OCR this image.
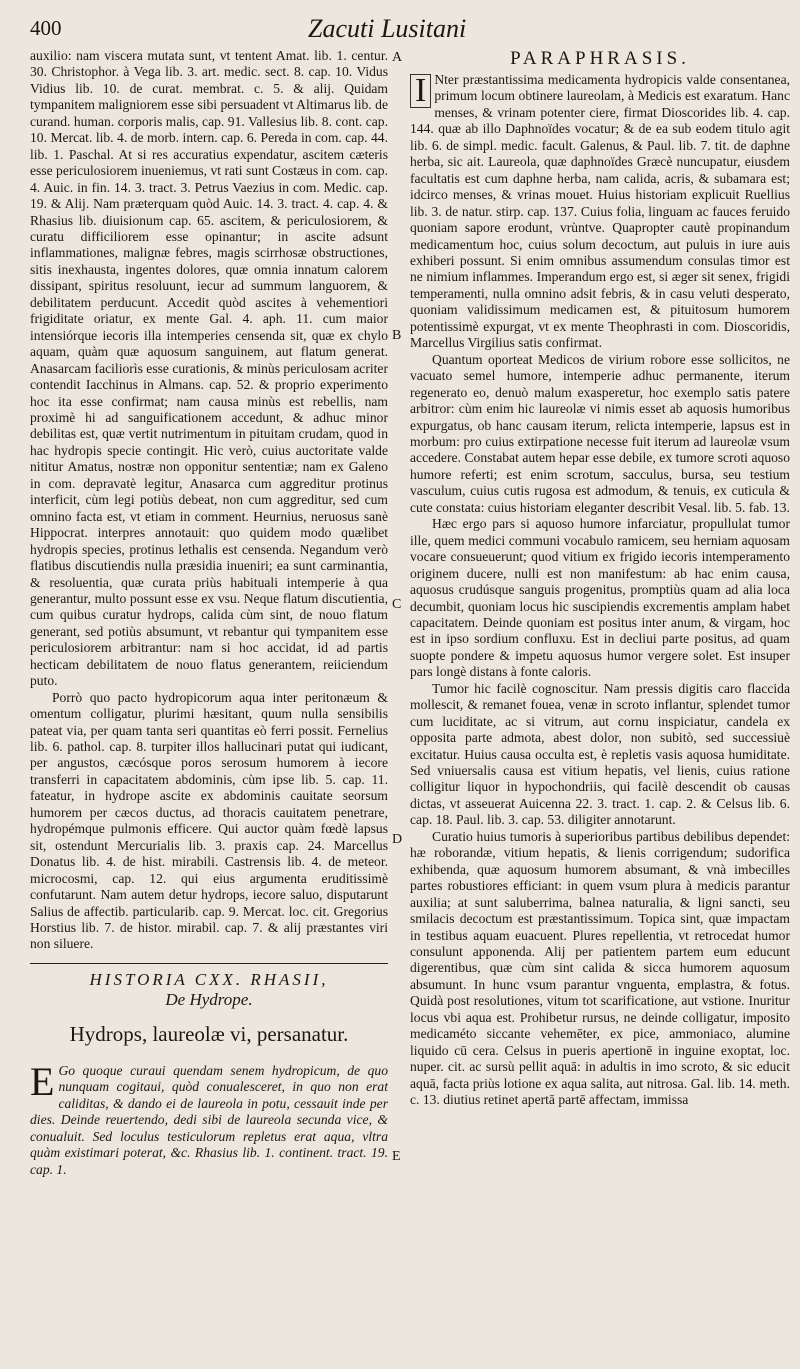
400	Zacuti Lusitani
A
B
C
D
E

auxilio: nam viscera mutata sunt, vt tentent Amat. lib. 1. centur. 30. Christophor. à Vega lib. 3. art. medic. sect. 8. cap. 10. Vidus Vidius lib. 10. de curat. membrat. c. 5. & alij. Quidam tympanitem maligniorem esse sibi persuadent vt Altimarus lib. de curand. human. corporis malis, cap. 91. Vallesius lib. 8. cont. cap. 10. Mercat. lib. 4. de morb. intern. cap. 6. Pereda in com. cap. 44. lib. 1. Paschal. At si res accuratius expendatur, ascitem cæteris esse periculosiorem inueniemus, vt rati sunt Costæus in com. cap. 4. Auic. in fin. 14. 3. tract. 3. Petrus Vaezius in com. Medic. cap. 19. & Alij. Nam præterquam quòd Auic. 14. 3. tract. 4. cap. 4. & Rhasius lib. diuisionum cap. 65. ascitem, & periculosiorem, & curatu difficiliorem esse opinantur; in ascite adsunt inflammationes, malignæ febres, magis scirrhosæ obstructiones, sitis inexhausta, ingentes dolores, quæ omnia innatum calorem dissipant, spiritus resoluunt, iecur ad summum languorem, & debilitatem perducunt. Accedit quòd ascites à vehementiori frigiditate oriatur, ex mente Gal. 4. aph. 11. cum maior intensiórque iecoris illa intemperies censenda sit, quæ ex chylo aquam, quàm quæ aquosum sanguinem, aut flatum generat. Anasarcam faciliorìs esse curationis, & minùs periculosam acriter contendit Iacchinus in Almans. cap. 52. & proprio experimento hoc ita esse confirmat; nam causa minùs est rebellis, nam proximè hi ad sanguificationem accedunt, & adhuc minor debilitas est, quæ vertit nutrimentum in pituitam crudam, quod in hac hydropis specie contingit. Hic verò, cuius auctoritate valde nititur Amatus, nostræ non opponitur sententiæ; nam ex Galeno in com. depravatè legitur, Anasarca cum aggreditur protinus interficit, cùm legi potiùs debeat, non cum aggreditur, sed cum omnino facta est, vt etiam in comment. Heurnius, neruosus sanè Hippocrat. interpres annotauit: quo quidem modo quælibet hydropis species, protinus lethalis est censenda. Negandum verò flatibus discutiendis nulla præsidia inueniri; ea sunt carminantia, & resoluentia, quæ curata priùs habituali intemperie à qua generantur, multo possunt esse ex vsu. Neque flatum discutientia, cum quibus curatur hydrops, calida cùm sint, de nouo flatum generant, sed potiùs absumunt, vt rebantur qui tympanitem esse periculosiorem arbitrantur: nam si hoc accidat, id ad partis hecticam debilitatem de nouo flatus generantem, reiiciendum puto.

Porrò quo pacto hydropicorum aqua inter peritonæum & omentum colligatur, plurimi hæsitant, quum nulla sensibilis pateat via, per quam tanta seri quantitas eò ferri possit. Fernelius lib. 6. pathol. cap. 8. turpiter illos hallucinari putat qui iudicant, per angustos, cæcósque poros serosum humorem à iecore transferri in capacitatem abdominis, cùm ipse lib. 5. cap. 11. fateatur, in hydrope ascite ex abdominis cauitate seorsum humorem per cæcos ductus, ad thoracis cauitatem penetrare, hydropémque pulmonis efficere. Qui auctor quàm fœdè lapsus sit, ostendunt Mercurialis lib. 3. praxis cap. 24. Marcellus Donatus lib. 4. de hist. mirabili. Castrensis lib. 4. de meteor. microcosmi, cap. 12. qui eius argumenta eruditissimè confutarunt. Nam autem detur hydrops, iecore saluo, disputarunt Salius de affectib. particularib. cap. 9. Mercat. loc. cit. Gregorius Horstius lib. 7. de histor. mirabil. cap. 7. & alij præstantes viri non siluere.

HISTORIA CXX. RHASII,
De Hydrope.
Hydrops, laureolæ vi, persanatur.
E Go quoque curaui quendam senem hydropicum, de quo nunquam cogitaui, quòd conualesceret, in quo non erat caliditas, & dando ei de laureola in potu, cessauit inde per dies. Deinde reuertendo, dedi sibi de laureola secunda vice, & conualuit. Sed loculus testiculorum repletus erat aqua, vltra quàm existimari poterat, &c. Rhasius lib. 1. continent. tract. 19. cap. 1.

PARAPHRASIS.
I Nter præstantissima medicamenta hydropicis valde consentanea, primum locum obtinere laureolam, à Medicis est exaratum. Hanc menses, & vrinam potenter ciere, firmat Dioscorides lib. 4. cap. 144. quæ ab illo Daphnoïdes vocatur; & de ea sub eodem titulo agit lib. 6. de simpl. medic. facult. Galenus, & Paul. lib. 7. tit. de daphne herba, sic ait. Laureola, quæ daphnoïdes Græcè nuncupatur, eiusdem facultatis est cum daphne herba, nam calida, acris, & subamara est; idcirco menses, & vrinas mouet. Huius historiam explicuit Ruellius lib. 3. de natur. stirp. cap. 137. Cuius folia, linguam ac fauces feruido quoniam sapore erodunt, vrùntve. Quapropter cautè propinandum medicamentum hoc, cuius solum decoctum, aut puluis in iure auis exhiberi possunt. Si enim omnibus assumendum consulas timor est ne nimium inflammes. Imperandum ergo est, si æger sit senex, frigidi temperamenti, nulla omnino adsit febris, & in casu veluti desperato, quoniam validissimum medicamen est, & pituitosum humorem potentissimè expurgat, vt ex mente Theophrasti in com. Dioscoridis, Marcellus Virgilius satis confirmat.

Quantum oporteat Medicos de virium robore esse sollicitos, ne vacuato semel humore, intemperie adhuc permanente, iterum regenerato eo, denuò malum exasperetur, hoc exemplo satis patere arbitror: cùm enim hic laureolæ vi nimis esset ab aquosis humoribus expurgatus, ob hanc causam iterum, relicta intemperie, lapsus est in morbum: pro cuius extirpatione necesse fuit iterum ad laureolæ vsum accedere. Constabat autem hepar esse debile, ex tumore scroti aquoso humore referti; est enim scrotum, sacculus, bursa, seu testium vasculum, cuius cutis rugosa est admodum, & tenuis, ex cuticula & cute constata: cuius historiam eleganter describit Vesal. lib. 5. fab. 13.

Hæc ergo pars si aquoso humore infarciatur, propullulat tumor ille, quem medici communi vocabulo ramicem, seu herniam aquosam vocare consueuerunt; quod vitium ex frigido iecoris intemperamento originem ducere, nulli est non manifestum: ab hac enim causa, aquosus crudúsque sanguis progenitus, promptiùs quam ad alia loca decumbit, quoniam locus hic suscipiendis excrementis amplam habet capacitatem. Deinde quoniam est positus inter anum, & virgam, hoc est in ipso sordium confluxu. Est in decliui parte positus, ad quam suopte pondere & impetu aquosus humor vergere solet. Est insuper pars longè distans à fonte caloris.

Tumor hic facilè cognoscitur. Nam pressis digitis caro flaccida mollescit, & remanet fouea, venæ in scroto inflantur, splendet tumor cum luciditate, ac si vitrum, aut cornu inspiciatur, candela ex opposita parte admota, abest dolor, non subitò, sed successiuè excitatur. Huius causa occulta est, è repletis vasis aquosa humiditate. Sed vniuersalis causa est vitium hepatis, vel lienis, cuius ratione colligitur liquor in hypochondriis, qui facilè descendit ob causas dictas, vt asseuerat Auicenna 22. 3. tract. 1. cap. 2. & Celsus lib. 6. cap. 18. Paul. lib. 3. cap. 53. diligiter annotarunt.

Curatio huius tumoris à superioribus partibus debilibus dependet: hæ roborandæ, vitium hepatis, & lienis corrigendum; sudorifica exhibenda, quæ aquosum humorem absumant, & vnà imbecilles partes robustiores efficiant: in quem vsum plura à medicis parantur auxilia; at sunt saluberrima, balnea naturalia, & ligni sancti, seu smilacis decoctum est præstantissimum. Topica sint, quæ impactam in testibus aquam euacuent. Plures repellentia, vt retrocedat humor consulunt apponenda. Alij per patientem partem eum educunt digerentibus, quæ cùm sint calida & sicca humorem aquosum absumunt. In hunc vsum parantur vnguenta, emplastra, & fotus. Quidà post resolutiones, vitum tot scarificatione, aut vstione. Inuritur locus vbi aqua est. Prohibetur rursus, ne deinde colligatur, imposito medicaméto siccante vehemēter, ex pice, ammoniaco, alumine liquido cū cera. Celsus in pueris apertionē in inguine exoptat, loc. nuper. cit. ac sursù pellit aquā: in adultis in imo scroto, & sic educit aquā, facta priùs lotione ex aqua salita, aut nitrosa. Gal. lib. 14. meth. c. 13. diutius retinet apertā partē affectam, immissa
